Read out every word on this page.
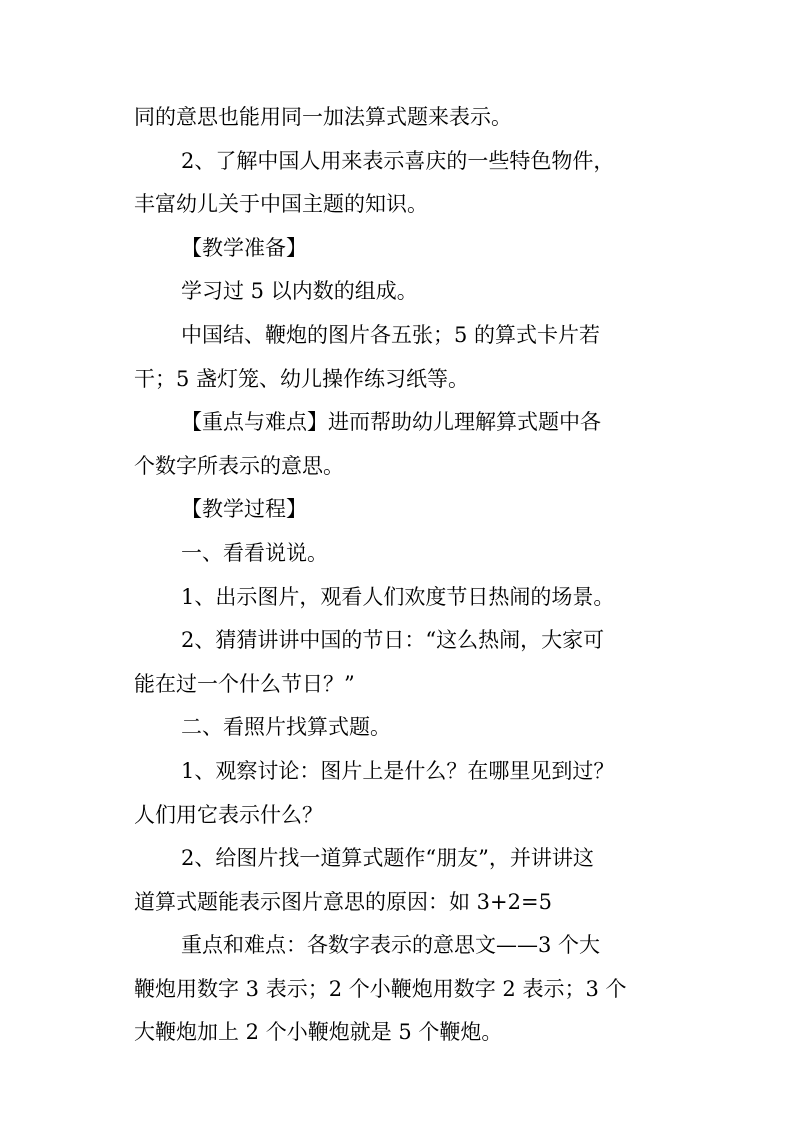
同的意思也能用同一加法算式题来表示。

2、了解中国人用来表示喜庆的一些特色物件，

丰富幼儿关于中国主题的知识。

【教学准备】

学习过 5 以内数的组成。

中国结、鞭炮的图片各五张；5 的算式卡片若

干；5 盏灯笼、幼儿操作练习纸等。

【重点与难点】进而帮助幼儿理解算式题中各

个数字所表示的意思。

【教学过程】

一、看看说说。

1、出示图片，观看人们欢度节日热闹的场景。

2、猜猜讲讲中国的节日：“这么热闹，大家可

能在过一个什么节日？”

二、看照片找算式题。

1、观察讨论：图片上是什么？在哪里见到过？

人们用它表示什么？

2、给图片找一道算式题作“朋友”，并讲讲这

道算式题能表示图片意思的原因：如 3+2=5

重点和难点：各数字表示的意思文——3 个大

鞭炮用数字 3 表示；2 个小鞭炮用数字 2 表示；3 个

大鞭炮加上 2 个小鞭炮就是 5 个鞭炮。
